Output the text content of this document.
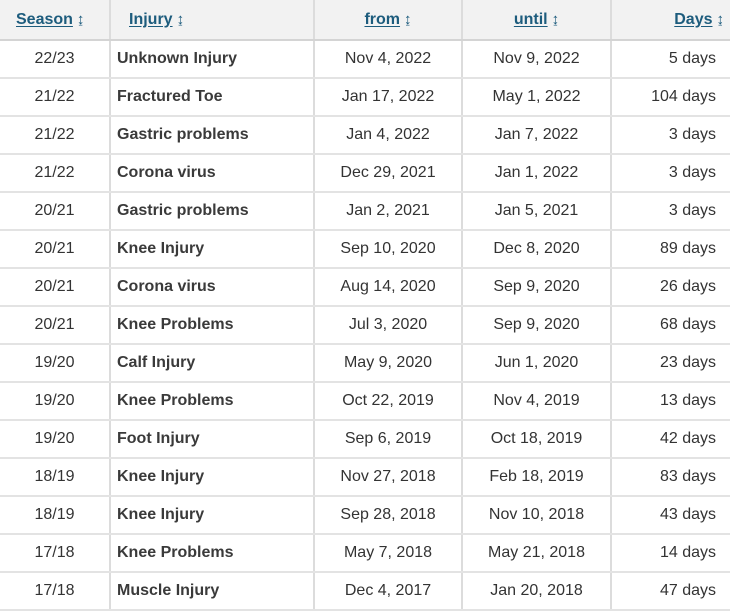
Season ↨	Injury ↨	from ↨	until ↨	Days ↨
22/23	Unknown Injury	Nov 4, 2022	Nov 9, 2022	5 days
21/22	Fractured Toe	Jan 17, 2022	May 1, 2022	104 days
21/22	Gastric problems	Jan 4, 2022	Jan 7, 2022	3 days
21/22	Corona virus	Dec 29, 2021	Jan 1, 2022	3 days
20/21	Gastric problems	Jan 2, 2021	Jan 5, 2021	3 days
20/21	Knee Injury	Sep 10, 2020	Dec 8, 2020	89 days
20/21	Corona virus	Aug 14, 2020	Sep 9, 2020	26 days
20/21	Knee Problems	Jul 3, 2020	Sep 9, 2020	68 days
19/20	Calf Injury	May 9, 2020	Jun 1, 2020	23 days
19/20	Knee Problems	Oct 22, 2019	Nov 4, 2019	13 days
19/20	Foot Injury	Sep 6, 2019	Oct 18, 2019	42 days
18/19	Knee Injury	Nov 27, 2018	Feb 18, 2019	83 days
18/19	Knee Injury	Sep 28, 2018	Nov 10, 2018	43 days
17/18	Knee Problems	May 7, 2018	May 21, 2018	14 days
17/18	Muscle Injury	Dec 4, 2017	Jan 20, 2018	47 days
